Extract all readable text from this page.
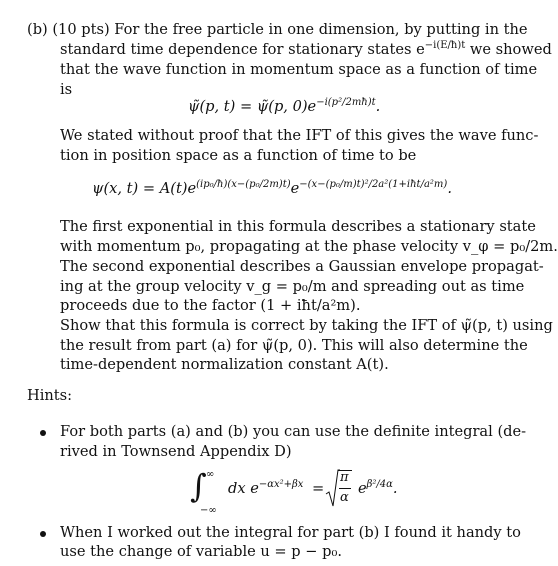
(b) (10 pts) For the free particle in one dimension, by putting in the

standard time dependence for stationary states $e^{-i(E/ħ)t}$ we showed

that the wave function in momentum space as a function of time

is

ψ̃(p, t) = ψ̃(p, $0)e^{-i(p^2/2mħ)t}$.

We stated without proof that the IFT of this gives the wave func-

tion in position space as a function of time to be

ψ(x, $t) = A(t)e^{(ip_0/ħ)(x-(p_0/2m)t)}e^{-(x-(p_0/m)t)^2/2a^2(1+iħt/a^2m)}$.

The first exponential in this formula describes a stationary state

with momentum p₀, propagating at the phase velocity v_φ = p₀/2m.

The second exponential describes a Gaussian envelope propagat-

ing at the group velocity v_g = p₀/m and spreading out as time

proceeds due to the factor (1 + iħt/a²m).

Show that this formula is correct by taking the IFT of ψ̃(p, t) using

the result from part (a) for ψ̃(p, 0). This will also determine the

time-dependent normalization constant A(t).

Hints:

For both parts (a) and (b) you can use the definite integral (de-

rived in Townsend Appendix D)

∫ ∞
−∞
dx $e^{-\alpha x^2+\beta x}$ =
π
α
$e^{\beta^2/4\alpha}$.

When I worked out the integral for part (b) I found it handy to

use the change of variable u = p − p₀.
